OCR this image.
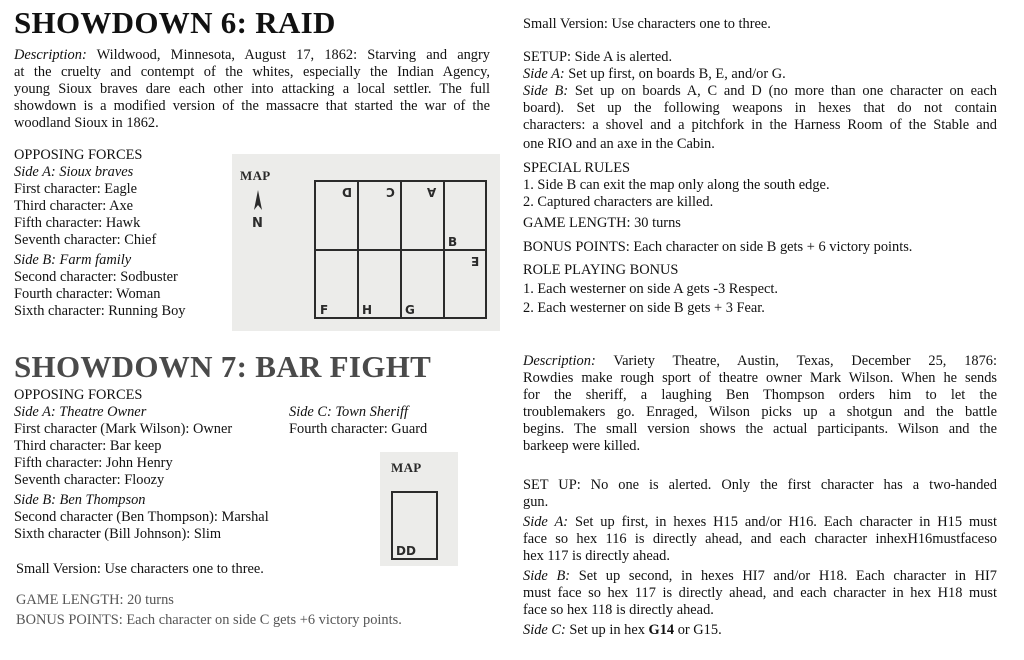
SHOWDOWN 6: RAID
Description: Wildwood, Minnesota, August 17, 1862: Starving and angry
at the cruelty and contempt of the whites, especially the Indian Agency,
young Sioux braves dare each other into attacking a local settler. The full
showdown is a modified version of the massacre that started the war of the
woodland Sioux in 1862.
OPPOSING FORCES
Side A: Sioux braves
First character: Eagle
Third character: Axe
Fifth character: Hawk
Seventh character: Chief
Side B: Farm family
Second character: Sodbuster
Fourth character: Woman
Sixth character: Running Boy
MAP
N
D	C	A
B
E
F	H	G
Small Version: Use characters one to three.
SETUP: Side A is alerted.
Side A: Set up first, on boards B, E, and/or G.
Side B: Set up on boards A, C and D (no more than one character on each
board). Set up the following weapons in hexes that do not contain
characters: a shovel and a pitchfork in the Harness Room of the Stable and
one RIO and an axe in the Cabin.
SPECIAL RULES
1. Side B can exit the map only along the south edge.
2. Captured characters are killed.
GAME LENGTH: 30 turns
BONUS POINTS: Each character on side B gets + 6 victory points.
ROLE PLAYING BONUS
1. Each westerner on side A gets -3 Respect.
2. Each westerner on side B gets + 3 Fear.
SHOWDOWN 7: BAR FIGHT
OPPOSING FORCES
Side A: Theatre Owner
First character (Mark Wilson): Owner
Third character: Bar keep
Fifth character: John Henry
Seventh character: Floozy
Side B: Ben Thompson
Second character (Ben Thompson): Marshal
Sixth character (Bill Johnson): Slim
Side C: Town Sheriff
Fourth character: Guard
MAP
DD
Small Version: Use characters one to three.
GAME LENGTH: 20 turns
BONUS POINTS: Each character on side C gets +6 victory points.
Description: Variety Theatre, Austin, Texas, December 25, 1876:
Rowdies make rough sport of theatre owner Mark Wilson. When he sends
for the sheriff, a laughing Ben Thompson orders him to let the
troublemakers go. Enraged, Wilson picks up a shotgun and the battle
begins. The small version shows the actual participants. Wilson and the
barkeep were killed.
SET UP: No one is alerted. Only the first character has a two-handed
gun.
Side A: Set up first, in hexes H15 and/or H16. Each character in H15 must
face so hex 116 is directly ahead, and each character inhexH16mustfaceso
hex 117 is directly ahead.
Side B: Set up second, in hexes HI7 and/or H18. Each character in HI7
must face so hex 117 is directly ahead, and each character in hex H18 must
face so hex 118 is directly ahead.
Side C: Set up in hex G14 or G15.
